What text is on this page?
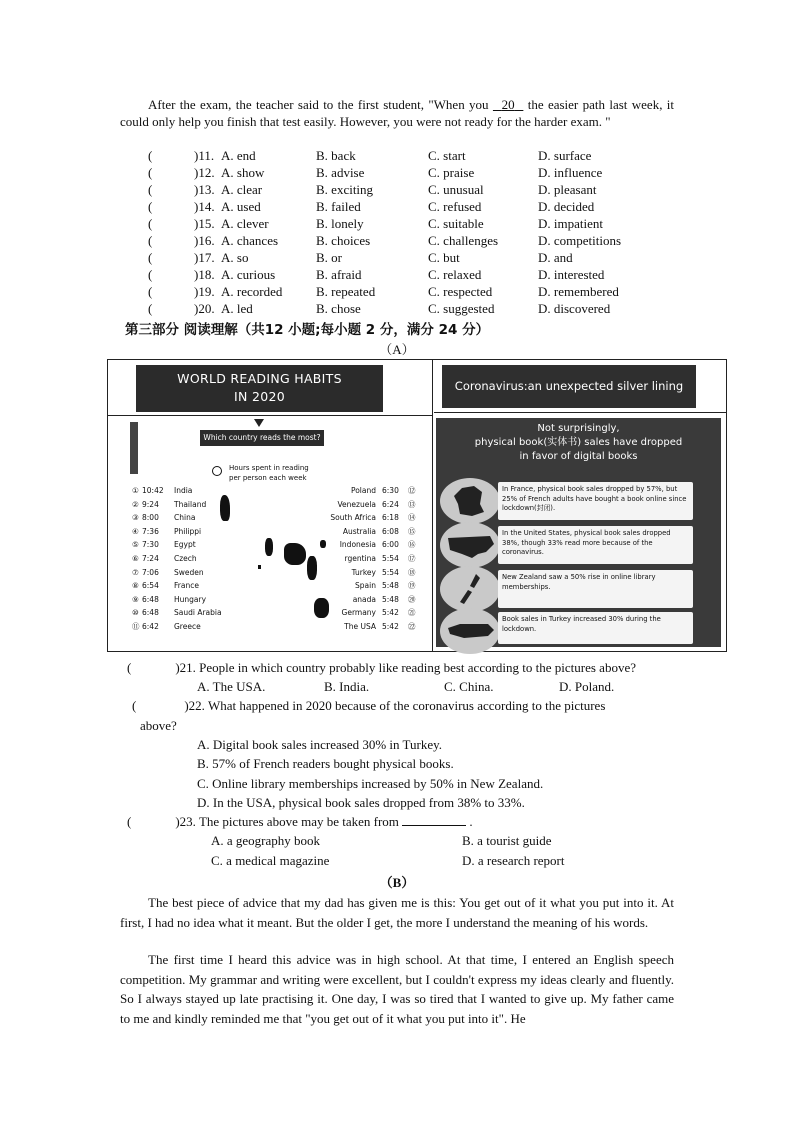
After the exam, the teacher said to the first student, "When you   20   the easier path last week, it could only help you finish that test easily. However, you were not ready for the harder exam. "
(	)11. A. end	B. back	C. start	D. surface
(	)12. A. show	B. advise	C. praise	D. influence
(	)13. A. clear	B. exciting	C. unusual	D. pleasant
(	)14. A. used	B. failed	C. refused	D. decided
(	)15. A. clever	B. lonely	C. suitable	D. impatient
(	)16. A. chances	B. choices	C. challenges	D. competitions
(	)17. A. so	B. or	C. but	D. and
(	)18. A. curious	B. afraid	C. relaxed	D. interested
(	)19. A. recorded	B. repeated	C. respected	D. remembered
(	)20. A. led	B. chose	C. suggested	D. discovered
第三部分 阅读理解（共12 小题;每小题 2 分，满分 24 分）
（A）
WORLD READING HABITS
IN 2020
Which country reads the most?
Hours spent in reading
per person each week
① 10:42 India
② 9:24 Thailand
③ 8:00 China
④ 7:36 Philippi
⑤ 7:30 Egypt
⑥ 7:24 Czech
⑦ 7:06 Sweden
⑧ 6:54 France
⑨ 6:48 Hungary
⑩ 6:48 Saudi Arabia
⑪ 6:42 Greece
Poland 6:30 ⑫
Venezuela 6:24 ⑬
South Africa 6:18 ⑭
Australia 6:08 ⑮
Indonesia 6:00 ⑯
rgentina 5:54 ⑰
Turkey 5:54 ⑱
Spain 5:48 ⑲
anada 5:48 ⑳
Germany 5:42 ㉑
The USA 5:42 ㉒
Coronavirus:an unexpected silver lining
Not surprisingly,
physical book(实体书) sales have dropped
in favor of digital books
In France, physical book sales dropped by 57%, but 25% of French adults have bought a book online since lockdown(封闭).
In the United States, physical book sales dropped 38%, though 33% read more because of the coronavirus.
New Zealand saw a 50% rise in online library memberships.
Book sales in Turkey increased 30% during the lockdown.
(	)21. People in which country probably like reading best according to the pictures above?
A. The USA.	B. India.	C. China.	D. Poland.
(	)22. What happened in 2020 because of the coronavirus according to the pictures
above?
A. Digital book sales increased 30% in Turkey.
B. 57% of French readers bought physical books.
C. Online library memberships increased by 50% in New Zealand.
D. In the USA, physical book sales dropped from 38% to 33%.
(	)23. The pictures above may be taken from	.
A. a geography book	B. a tourist guide
C. a medical magazine	D. a research report
（B）
The best piece of advice that my dad has given me is this: You get out of it what you put into it. At first, I had no idea what it meant. But the older I get, the more I understand the meaning of his words.
The first time I heard this advice was in high school. At that time, I entered an English speech competition. My grammar and writing were excellent, but I couldn't express my ideas clearly and fluently. So I always stayed up late practising it. One day, I was so tired that I wanted to give up. My father came to me and kindly reminded me that "you get out of it what you put into it". He
